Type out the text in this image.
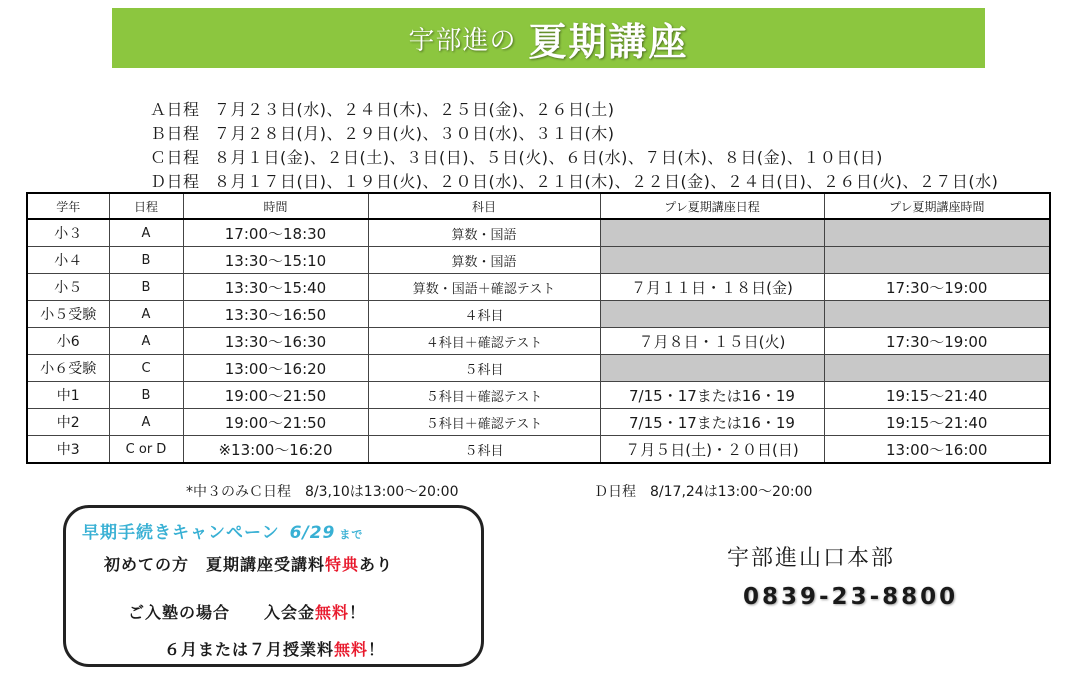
宇部進の 夏期講座
Ａ日程 ７月２３日(水)、２４日(木)、２５日(金)、２６日(土)
Ｂ日程 ７月２８日(月)、２９日(火)、３０日(水)、３１日(木)
Ｃ日程 ８月１日(金)、２日(土)、３日(日)、５日(火)、６日(水)、７日(木)、８日(金)、１０日(日)
Ｄ日程 ８月１７日(日)、１９日(火)、２０日(水)、２１日(木)、２２日(金)、２４日(日)、２６日(火)、２７日(水)
学年	日程	時間	科目	プレ夏期講座日程	プレ夏期講座時間
小３	A	17:00〜18:30	算数・国語		
小４	B	13:30〜15:10	算数・国語		
小５	B	13:30〜15:40	算数・国語＋確認テスト	７月１１日・１８日(金)	17:30〜19:00
小５受験	A	13:30〜16:50	４科目		
小6	A	13:30〜16:30	４科目＋確認テスト	７月８日・１５日(火)	17:30〜19:00
小６受験	C	13:00〜16:20	５科目		
中1	B	19:00〜21:50	５科目＋確認テスト	7/15・17または16・19	19:15〜21:40
中2	A	19:00〜21:50	５科目＋確認テスト	7/15・17または16・19	19:15〜21:40
中3	C or D	※13:00〜16:20	５科目	７月５日(土)・２０日(日)	13:00〜16:00
*中３のみＣ日程　8/3,10は13:00〜20:00	Ｄ日程　8/17,24は13:00〜20:00
早期手続きキャンペーン 6/29 まで
初めての方　夏期講座受講料特典あり
ご入塾の場合　　入会金無料！
６月または７月授業料無料！
宇部進山口本部
0839-23-8800
